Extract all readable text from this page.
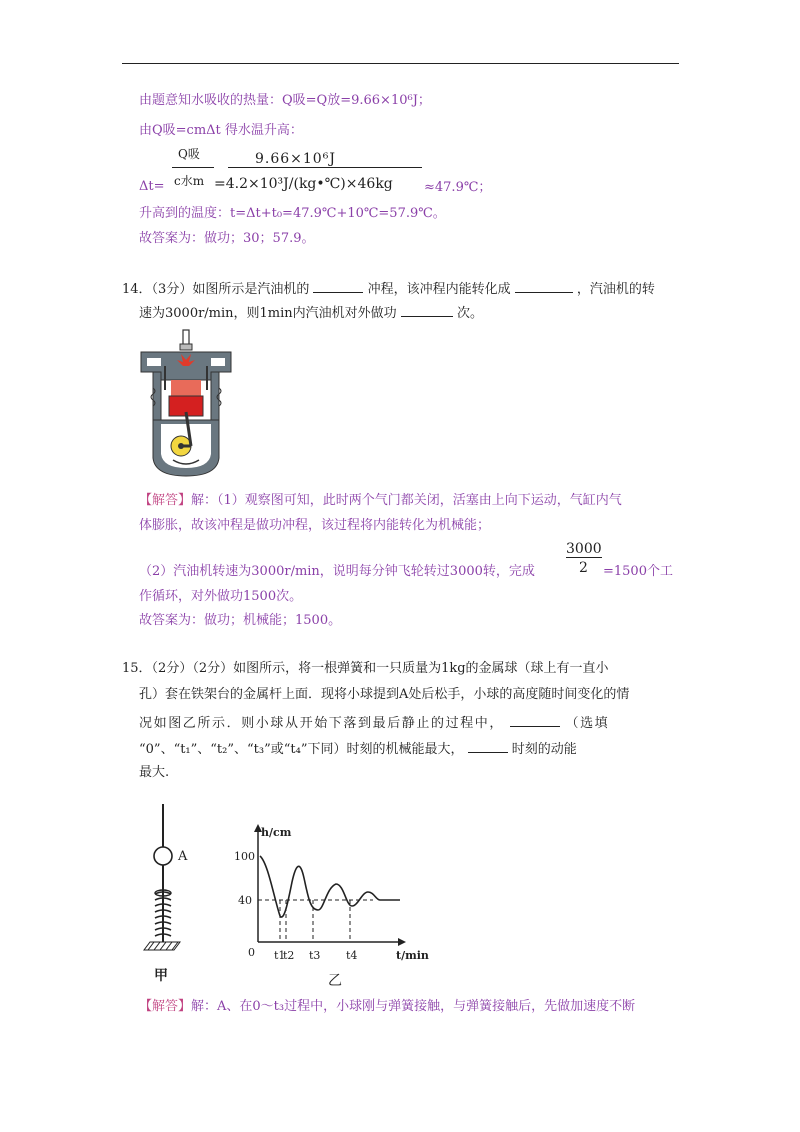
由题意知水吸收的热量：Q吸=Q放=9.66×10⁶J；
由Q吸=cmΔt 得水温升高：
Q吸	9.66×10⁶J
Δt= c水m =4.2×10³J/(kg•℃)×46kg ≈47.9℃；
升高到的温度：t=Δt+t₀=47.9℃+10℃=57.9℃。
故答案为：做功；30；57.9。
14．（3分）如图所示是汽油机的	冲程，该冲程内能转化成	，汽油机的转
速为3000r/min，则1min内汽油机对外做功	次。
【解答】解：（1）观察图可知，此时两个气门都关闭，活塞由上向下运动，气缸内气
体膨胀，故该冲程是做功冲程，该过程将内能转化为机械能；
3000
2
（2）汽油机转速为3000r/min，说明每分钟飞轮转过3000转，完成	=1500个工
作循环，对外做功1500次。
故答案为：做功；机械能；1500。
15．（2分）（2分）如图所示，将一根弹簧和一只质量为1kg的金属球（球上有一直小
孔）套在铁架台的金属杆上面．现将小球提到A处后松手，小球的高度随时间变化的情
况如图乙所示．则小球从开始下落到最后静止的过程中，	（选填
“0”、“t₁”、“t₂”、“t₃”或“t₄”下同）时刻的机械能最大，	时刻的动能
最大.
A
甲
h/cm
t/min
100
40
0 t1
t2 t3 t4
乙
【解答】解：A、在0～t₃过程中，小球刚与弹簧接触，与弹簧接触后，先做加速度不断
